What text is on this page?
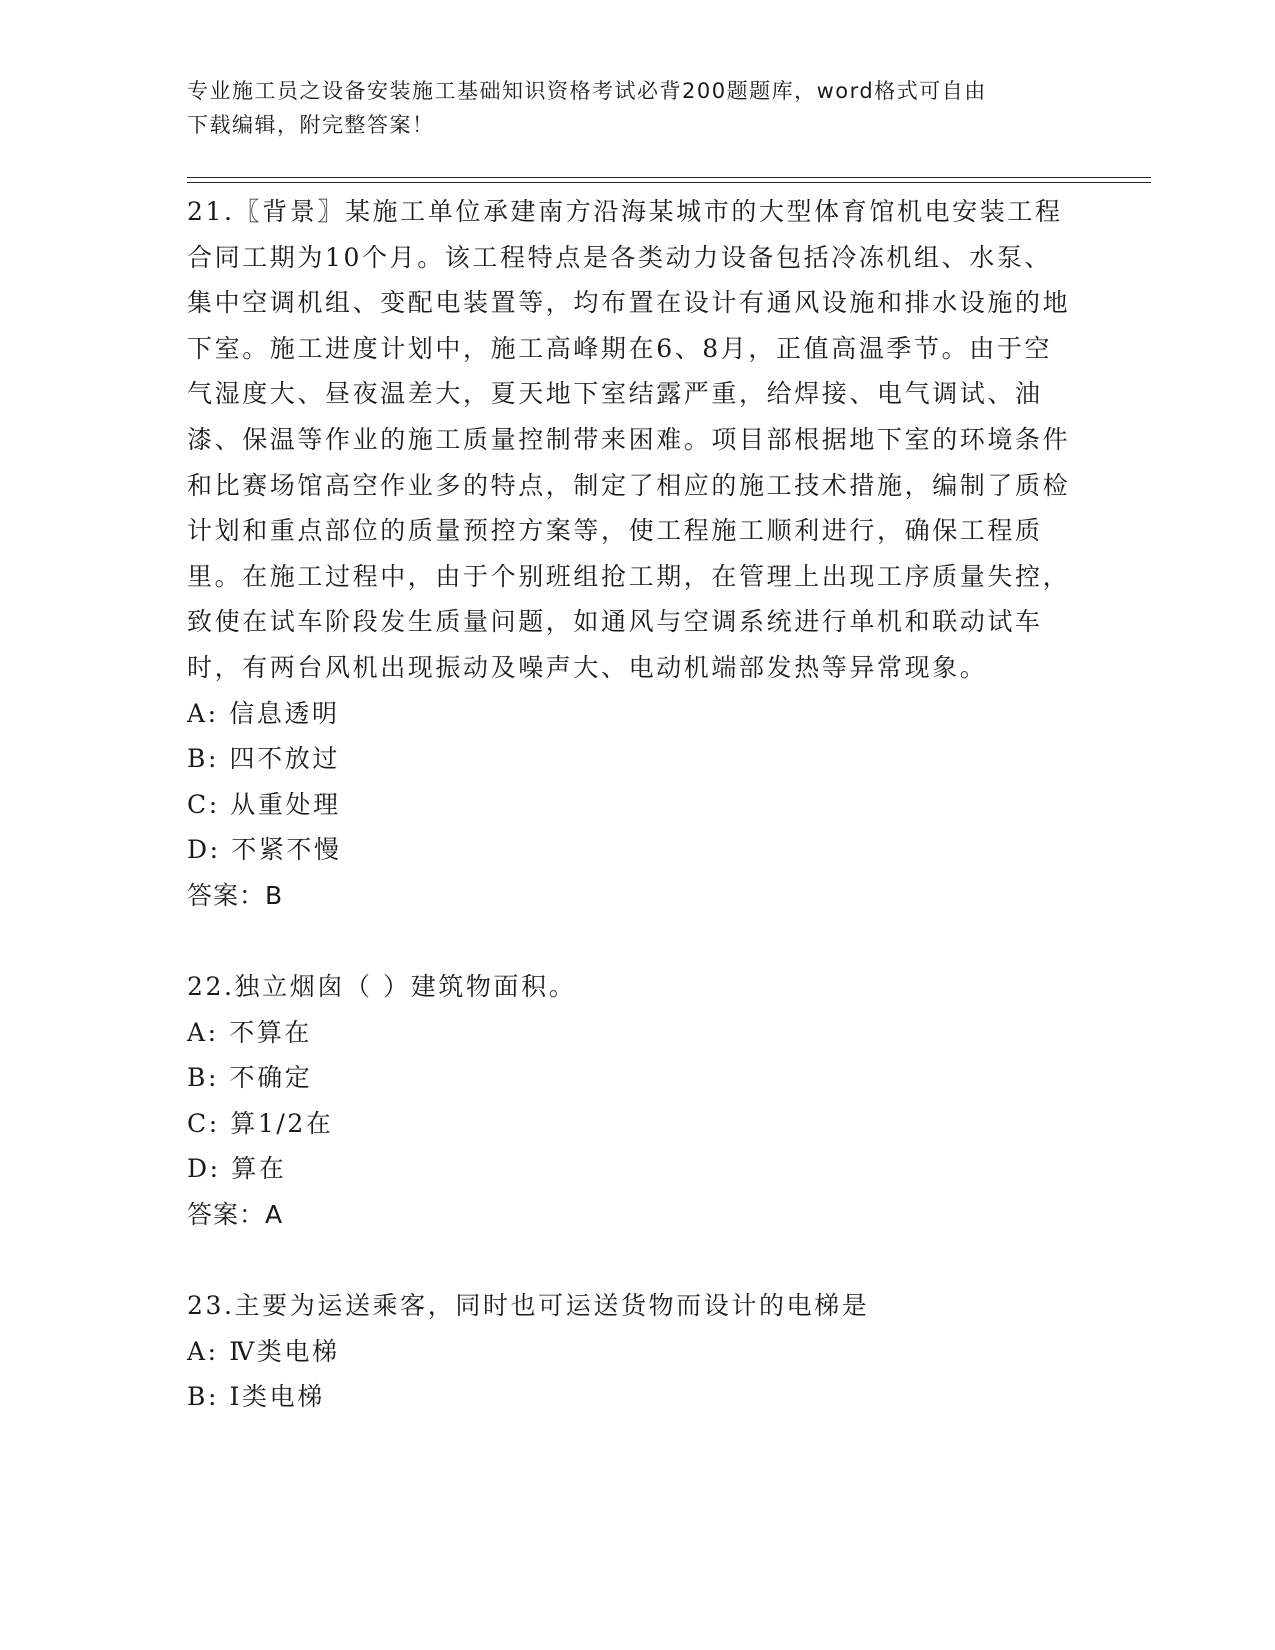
专业施工员之设备安装施工基础知识资格考试必背200题题库，word格式可自由
下载编辑，附完整答案！

21.〖背景〗某施工单位承建南方沿海某城市的大型体育馆机电安装工程合同工期为10个月。该工程特点是各类动力设备包括冷冻机组、水泵、集中空调机组、变配电装置等，均布置在设计有通风设施和排水设施的地下室。施工进度计划中，施工高峰期在6、8月，正值高温季节。由于空气湿度大、昼夜温差大，夏天地下室结露严重，给焊接、电气调试、油漆、保温等作业的施工质量控制带来困难。项目部根据地下室的环境条件和比赛场馆高空作业多的特点，制定了相应的施工技术措施，编制了质检计划和重点部位的质量预控方案等，使工程施工顺利进行，确保工程质里。在施工过程中，由于个别班组抢工期，在管理上出现工序质量失控，致使在试车阶段发生质量问题，如通风与空调系统进行单机和联动试车时，有两台风机出现振动及噪声大、电动机端部发热等异常现象。

A: 信息透明

B: 四不放过

C: 从重处理

D: 不紧不慢

答案：B

22.独立烟囱（ ）建筑物面积。

A: 不算在

B: 不确定

C: 算1/2在

D: 算在

答案：A

23.主要为运送乘客，同时也可运送货物而设计的电梯是

A: Ⅳ类电梯

B: Ⅰ类电梯
